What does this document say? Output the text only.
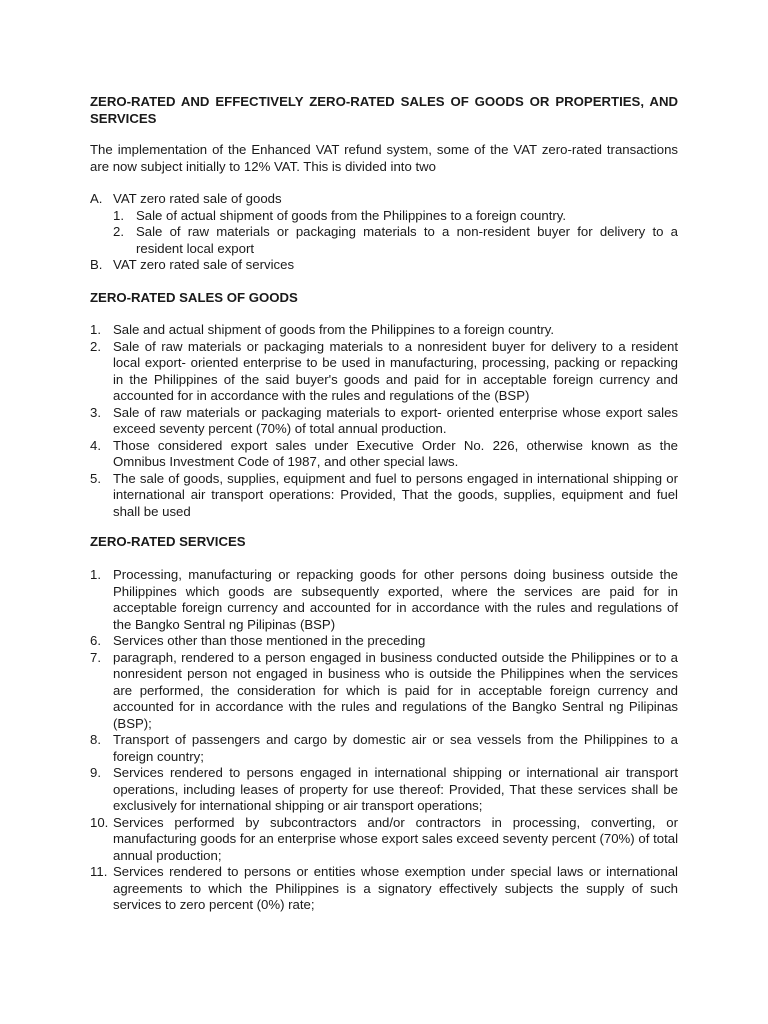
ZERO-RATED AND EFFECTIVELY ZERO-RATED SALES OF GOODS OR PROPERTIES, AND SERVICES

The implementation of the Enhanced VAT refund system, some of the VAT zero-rated transactions are now subject initially to 12% VAT. This is divided into two

A. VAT zero rated sale of goods
1. Sale of actual shipment of goods from the Philippines to a foreign country.
2. Sale of raw materials or packaging materials to a non-resident buyer for delivery to a resident local export
B. VAT zero rated sale of services

ZERO-RATED SALES OF GOODS

1. Sale and actual shipment of goods from the Philippines to a foreign country.
2. Sale of raw materials or packaging materials to a nonresident buyer for delivery to a resident local export- oriented enterprise to be used in manufacturing, processing, packing or repacking in the Philippines of the said buyer's goods and paid for in acceptable foreign currency and accounted for in accordance with the rules and regulations of the (BSP)
3. Sale of raw materials or packaging materials to export- oriented enterprise whose export sales exceed seventy percent (70%) of total annual production.
4. Those considered export sales under Executive Order No. 226, otherwise known as the Omnibus Investment Code of 1987, and other special laws.
5. The sale of goods, supplies, equipment and fuel to persons engaged in international shipping or international air transport operations: Provided, That the goods, supplies, equipment and fuel shall be used

ZERO-RATED SERVICES

1. Processing, manufacturing or repacking goods for other persons doing business outside the Philippines which goods are subsequently exported, where the services are paid for in acceptable foreign currency and accounted for in accordance with the rules and regulations of the Bangko Sentral ng Pilipinas (BSP)
6. Services other than those mentioned in the preceding
7. paragraph, rendered to a person engaged in business conducted outside the Philippines or to a nonresident person not engaged in business who is outside the Philippines when the services are performed, the consideration for which is paid for in acceptable foreign currency and accounted for in accordance with the rules and regulations of the Bangko Sentral ng Pilipinas (BSP);
8. Transport of passengers and cargo by domestic air or sea vessels from the Philippines to a foreign country;
9. Services rendered to persons engaged in international shipping or international air transport operations, including leases of property for use thereof: Provided, That these services shall be exclusively for international shipping or air transport operations;
10. Services performed by subcontractors and/or contractors in processing, converting, or manufacturing goods for an enterprise whose export sales exceed seventy percent (70%) of total annual production;
11. Services rendered to persons or entities whose exemption under special laws or international agreements to which the Philippines is a signatory effectively subjects the supply of such services to zero percent (0%) rate;
